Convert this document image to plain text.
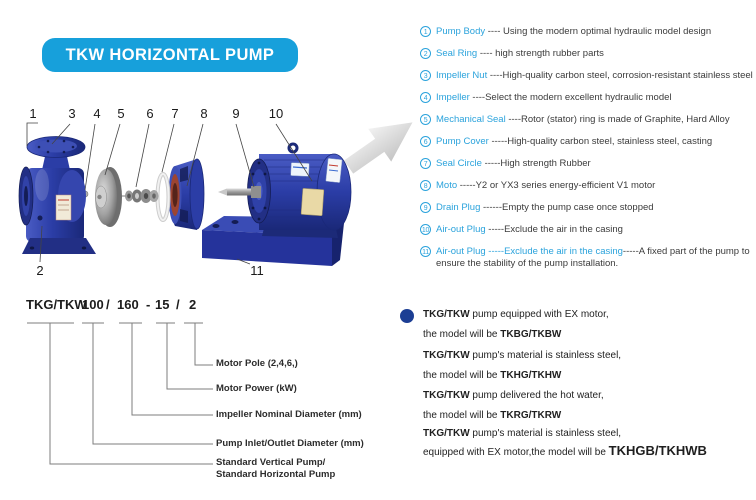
TKW HORIZONTAL PUMP
1 3 4 5 6 7 8 9 10
2	11
1 Pump Body ---- Using the modern optimal hydraulic model design
2 Seal Ring ---- high strength rubber parts
3 Impeller Nut ----High-quality carbon steel, corrosion-resistant stainless steel
4 Impeller ----Select the modern excellent hydraulic model
5 Mechanical Seal ----Rotor (stator) ring is made of Graphite, Hard Alloy
6 Pump Cover -----High-quality carbon steel, stainless steel, casting
7 Seal Circle -----High strength Rubber
8 Moto -----Y2 or YX3 series energy-efficient V1 motor
9 Drain Plug ------Empty the pump case once stopped
10 Air-out Plug -----Exclude the air in the casing
11 Air-out Plug -----Exclude the air in the casing-----A fixed part of the pump to ensure the stability of the pump installation.
TKG/TKW
100 / 160 - 15 / 2
Motor Pole (2,4,6,)
Motor Power (kW)
Impeller Nominal Diameter (mm)
Pump Inlet/Outlet Diameter (mm)
Standard Vertical Pump/
Standard Horizontal Pump
TKG/TKW pump equipped with EX motor,
the model will be TKBG/TKBW
TKG/TKW pump's material is stainless steel,
the model will be TKHG/TKHW
TKG/TKW pump delivered the hot water,
the model will be TKRG/TKRW
TKG/TKW pump's material is stainless steel,
equipped with EX motor,the model will be TKHGB/TKHWB
